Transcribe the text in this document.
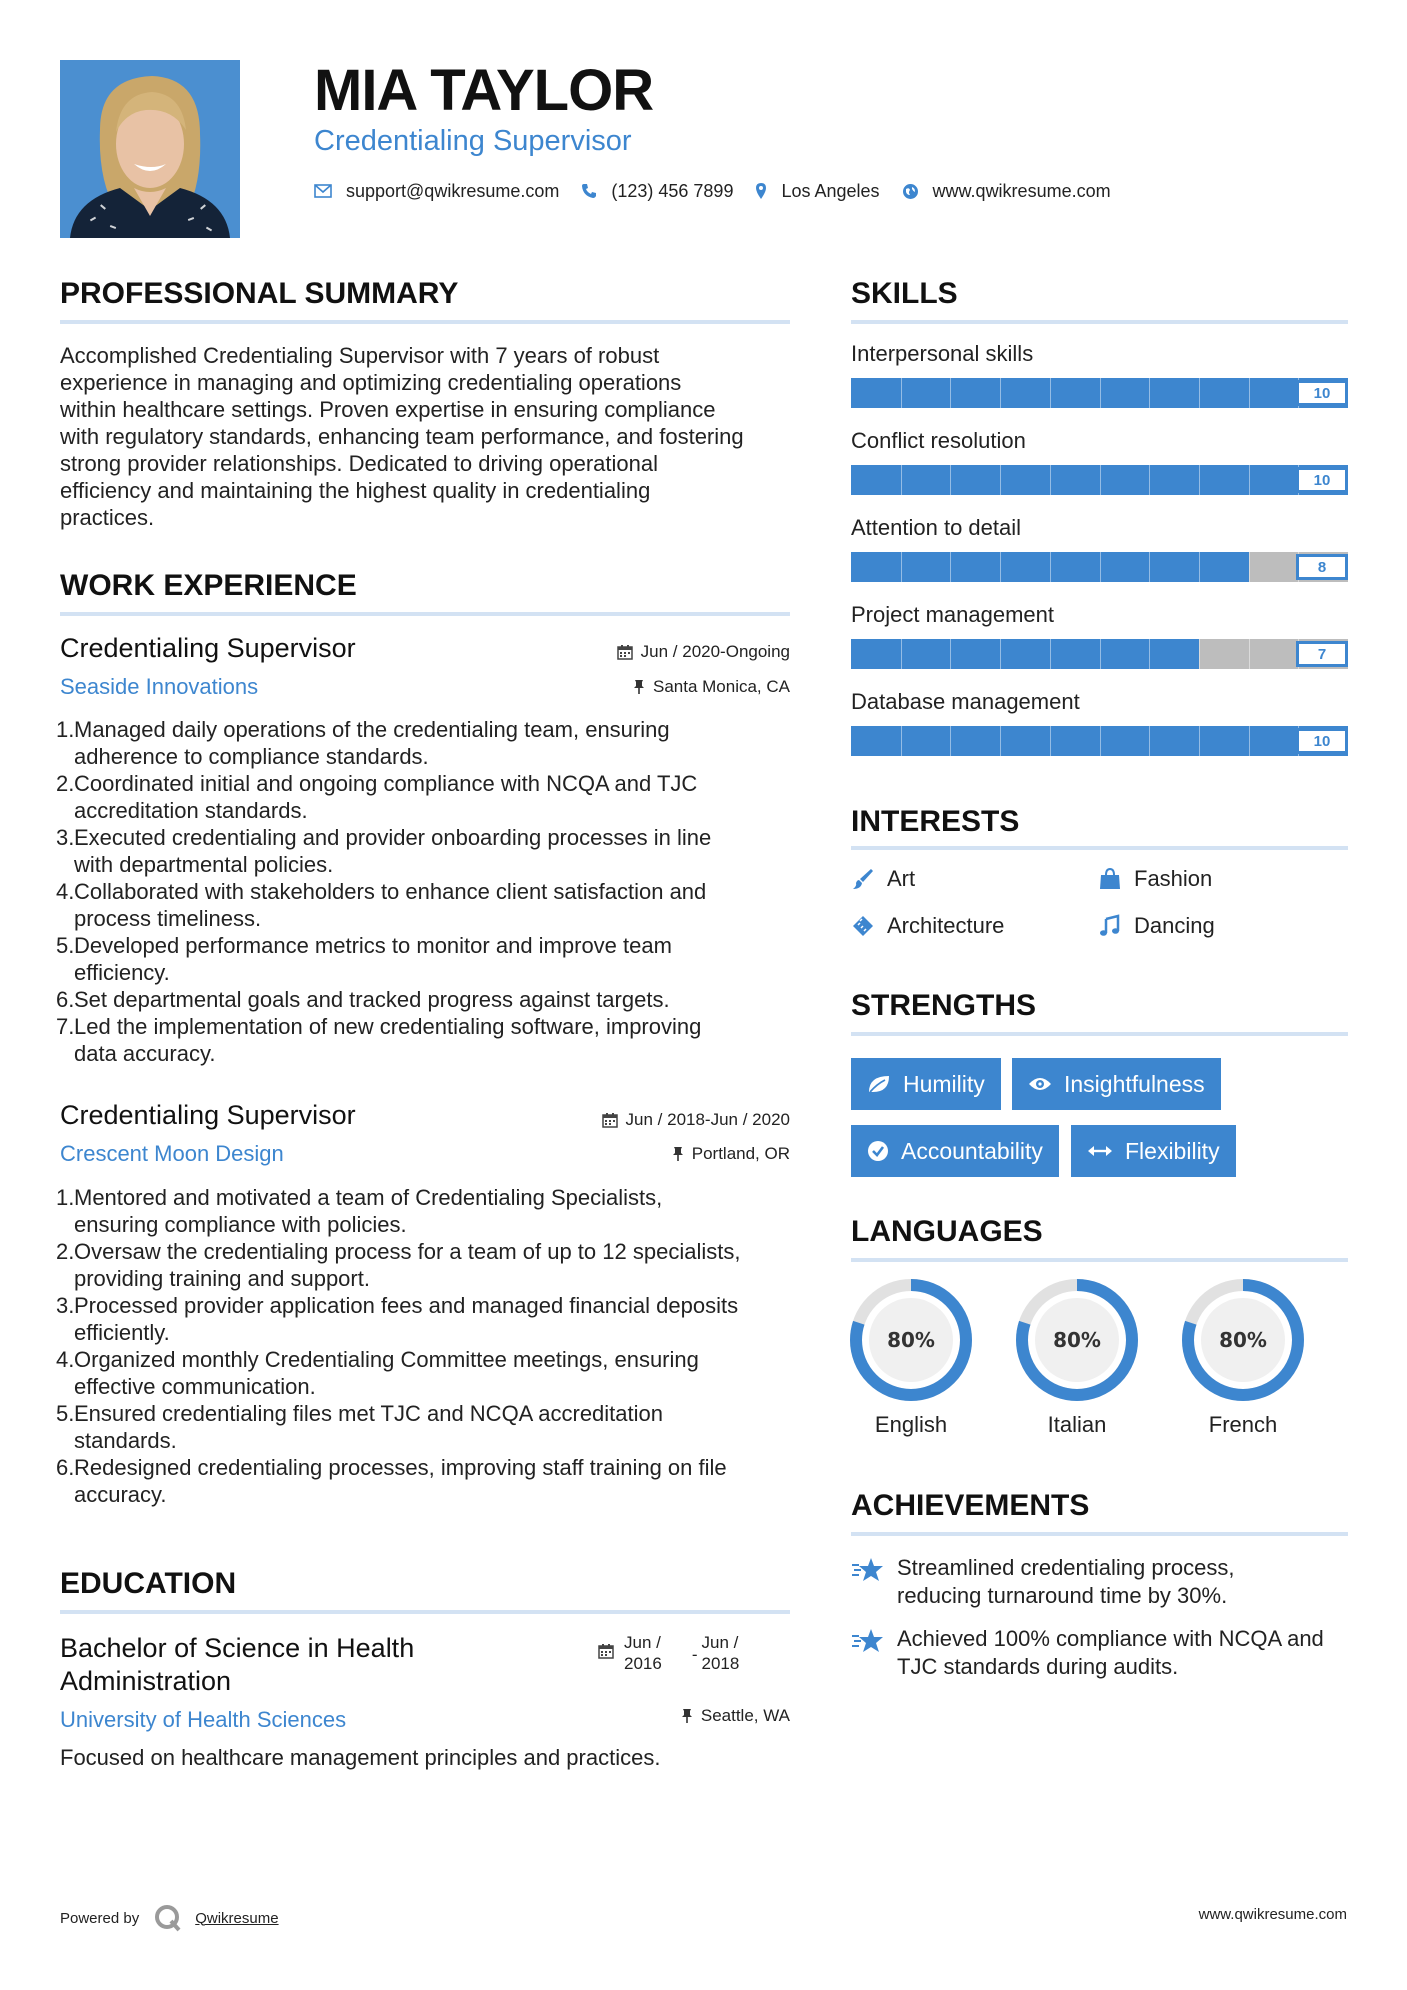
MIA TAYLOR
Credentialing Supervisor
support@qwikresume.com	(123) 456 7899	Los Angeles	www.qwikresume.com
PROFESSIONAL SUMMARY
Accomplished Credentialing Supervisor with 7 years of robust
experience in managing and optimizing credentialing operations
within healthcare settings. Proven expertise in ensuring compliance
with regulatory standards, enhancing team performance, and fostering
strong provider relationships. Dedicated to driving operational
efficiency and maintaining the highest quality in credentialing
practices.
WORK EXPERIENCE
Credentialing Supervisor
Seaside Innovations
Jun / 2020-Ongoing
Santa Monica, CA
1. Managed daily operations of the credentialing team, ensuring
adherence to compliance standards.
2. Coordinated initial and ongoing compliance with NCQA and TJC
accreditation standards.
3. Executed credentialing and provider onboarding processes in line
with departmental policies.
4. Collaborated with stakeholders to enhance client satisfaction and
process timeliness.
5. Developed performance metrics to monitor and improve team
efficiency.
6. Set departmental goals and tracked progress against targets.
7. Led the implementation of new credentialing software, improving
data accuracy.
Credentialing Supervisor
Crescent Moon Design
Jun / 2018-Jun / 2020
Portland, OR
1. Mentored and motivated a team of Credentialing Specialists,
ensuring compliance with policies.
2. Oversaw the credentialing process for a team of up to 12 specialists,
providing training and support.
3. Processed provider application fees and managed financial deposits
efficiently.
4. Organized monthly Credentialing Committee meetings, ensuring
effective communication.
5. Ensured credentialing files met TJC and NCQA accreditation
standards.
6. Redesigned credentialing processes, improving staff training on file
accuracy.
EDUCATION
Bachelor of Science in Health
Administration
University of Health Sciences
Jun /
2016 -
Jun /
2018
Seattle, WA
Focused on healthcare management principles and practices.
SKILLS
Interpersonal skills
10
Conflict resolution
10
Attention to detail
8
Project management
7
Database management
10
INTERESTS
Art	Fashion
Architecture	Dancing
STRENGTHS
Humility	Insightfulness
Accountability	Flexibility
LANGUAGES
80%
English
80%
Italian
80%
French
ACHIEVEMENTS
Streamlined credentialing process,
reducing turnaround time by 30%.
Achieved 100% compliance with NCQA and
TJC standards during audits.
Powered by	Qwikresume	www.qwikresume.com
